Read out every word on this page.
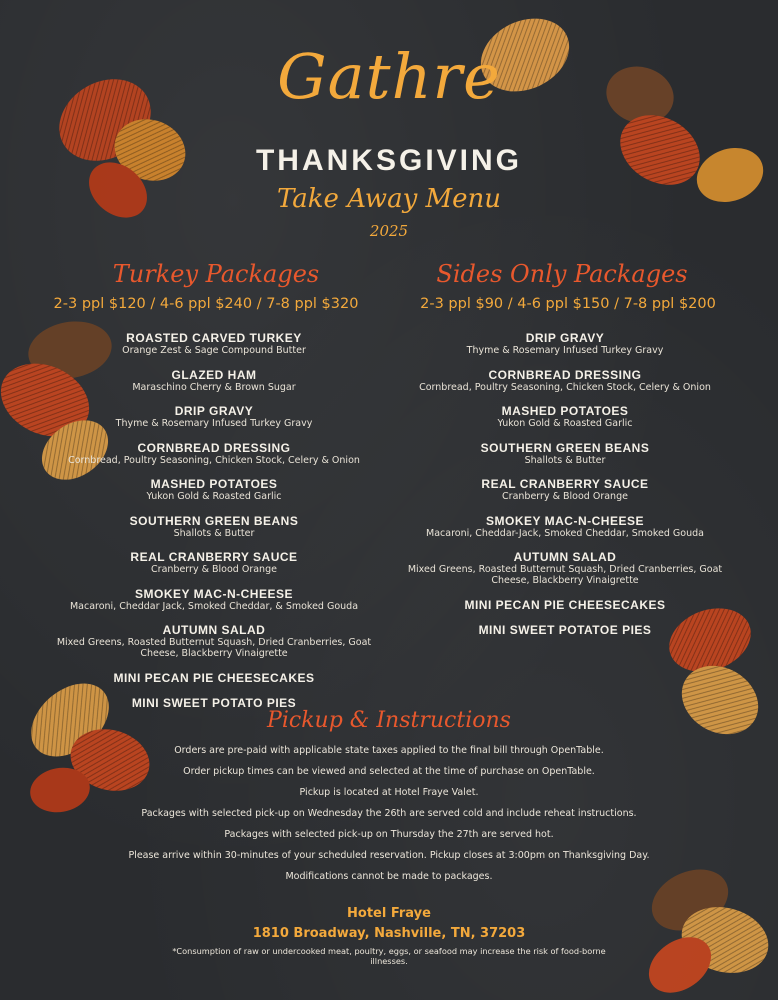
Gathre
THANKSGIVING
Take Away Menu
2025
Turkey Packages
2-3 ppl $120 / 4-6 ppl $240 / 7-8 ppl $320
ROASTED CARVED TURKEY
Orange Zest & Sage Compound Butter
GLAZED HAM
Maraschino Cherry & Brown Sugar
DRIP GRAVY
Thyme & Rosemary Infused Turkey Gravy
CORNBREAD DRESSING
Cornbread, Poultry Seasoning, Chicken Stock, Celery & Onion
MASHED POTATOES
Yukon Gold & Roasted Garlic
SOUTHERN GREEN BEANS
Shallots & Butter
REAL CRANBERRY SAUCE
Cranberry & Blood Orange
SMOKEY MAC-N-CHEESE
Macaroni, Cheddar Jack, Smoked Cheddar, & Smoked Gouda
AUTUMN SALAD
Mixed Greens, Roasted Butternut Squash, Dried Cranberries, Goat Cheese, Blackberry Vinaigrette
MINI PECAN PIE CHEESECAKES
MINI SWEET POTATO PIES
Sides Only Packages
2-3 ppl $90 / 4-6 ppl $150 / 7-8 ppl $200
DRIP GRAVY
Thyme & Rosemary Infused Turkey Gravy
CORNBREAD DRESSING
Cornbread, Poultry Seasoning, Chicken Stock, Celery & Onion
MASHED POTATOES
Yukon Gold & Roasted Garlic
SOUTHERN GREEN BEANS
Shallots & Butter
REAL CRANBERRY SAUCE
Cranberry & Blood Orange
SMOKEY MAC-N-CHEESE
Macaroni, Cheddar-Jack, Smoked Cheddar, Smoked Gouda
AUTUMN SALAD
Mixed Greens, Roasted Butternut Squash, Dried Cranberries, Goat Cheese, Blackberry Vinaigrette
MINI PECAN PIE CHEESECAKES
MINI SWEET POTATOE PIES
Pickup & Instructions
Orders are pre-paid with applicable state taxes applied to the final bill through OpenTable.
Order pickup times can be viewed and selected at the time of purchase on OpenTable.
Pickup is located at Hotel Fraye Valet.
Packages with selected pick-up on Wednesday the 26th are served cold and include reheat instructions.
Packages with selected pick-up on Thursday the 27th are served hot.
Please arrive within 30-minutes of your scheduled reservation. Pickup closes at 3:00pm on Thanksgiving Day.
Modifications cannot be made to packages.
Hotel Fraye
1810 Broadway, Nashville, TN, 37203
*Consumption of raw or undercooked meat, poultry, eggs, or seafood may increase the risk of food-borne illnesses.
